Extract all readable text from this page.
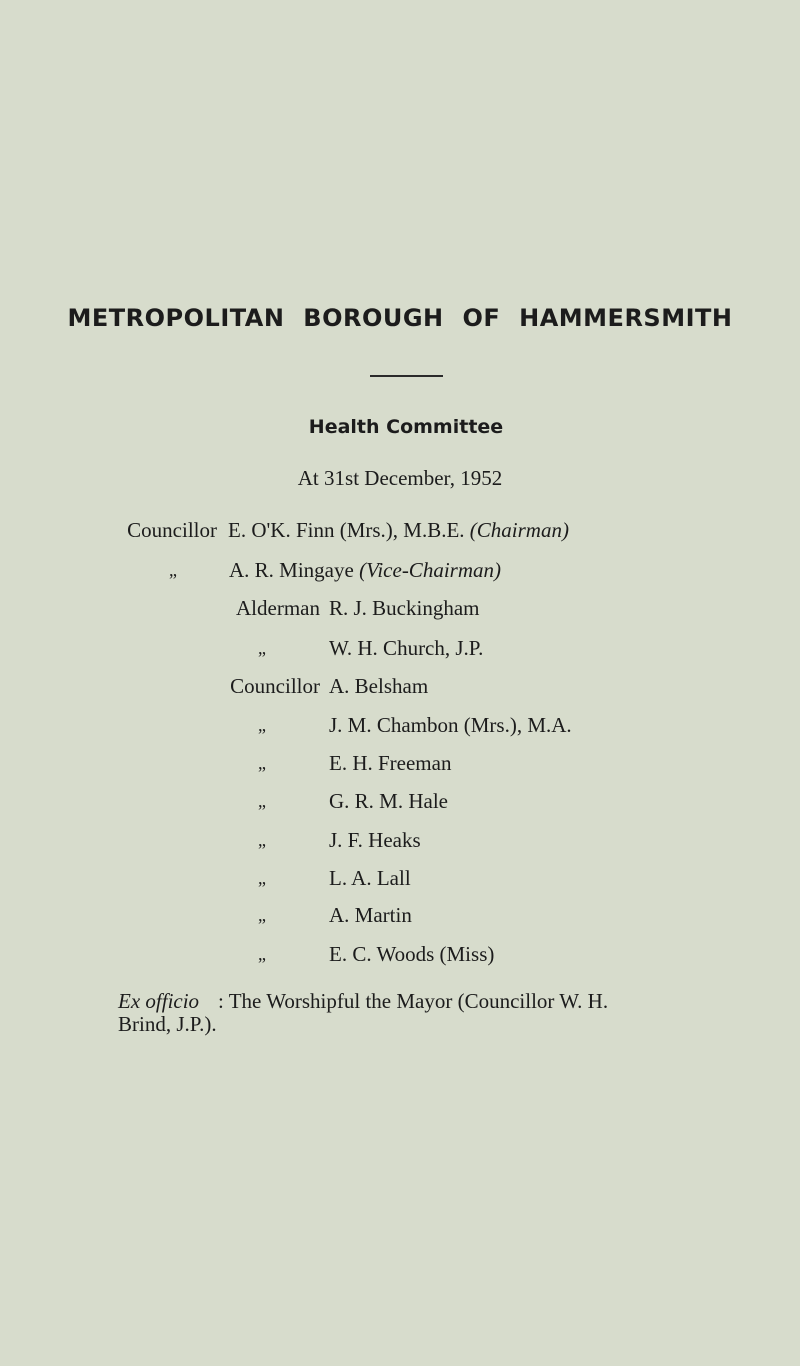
METROPOLITAN BOROUGH OF HAMMERSMITH
Health Committee
At 31st December, 1952
Councillor E. O'K. Finn (Mrs.), M.B.E. (Chairman)
„ A. R. Mingaye (Vice-Chairman)
Alderman R. J. Buckingham
„	W. H. Church, J.P.
Councillor A. Belsham
„	J. M. Chambon (Mrs.), M.A.
„	E. H. Freeman
„	G. R. M. Hale
„	J. F. Heaks
„	L. A. Lall
„	A. Martin
„	E. C. Woods (Miss)
Ex officio : The Worshipful the Mayor (Councillor W. H.
Brind, J.P.).
